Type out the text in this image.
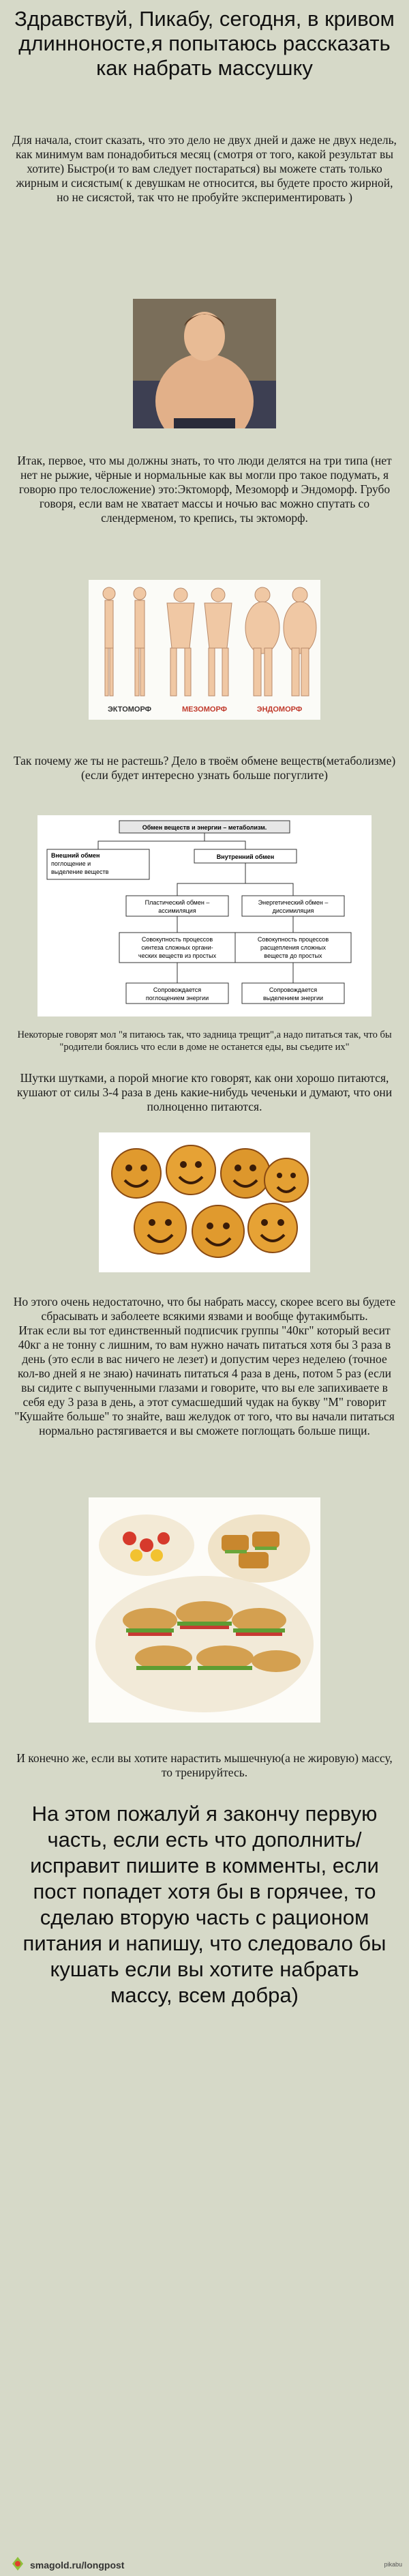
Здравствуй, Пикабу, сегодня, в кривом длинноносте,я попытаюсь рассказать как набрать массушку
Для начала, стоит сказать, что это дело не двух дней и даже не двух недель, как минимум вам понадобиться месяц (смотря от того, какой результат вы хотите) Быстро(и то вам следует постараться) вы можете стать только жирным и сисястым( к девушкам не относится, вы будете просто жирной, но не сисястой, так что не пробуйте экспериментировать )
Итак, первое, что мы должны знать, то что люди делятся на три типа (нет нет не рыжие, чёрные и нормальные как вы могли про такое подумать, я говорю про телосложение) это:Эктоморф, Мезоморф и Эндоморф. Грубо говоря, если вам не хватает массы и ночью вас можно спутать со слендерменом, то крепись, ты эктоморф.
ЭКТОМОРФ	МЕЗОМОРФ	ЭНДОМОРФ
Так почему же ты не растешь? Дело в твоём обмене веществ(метаболизме)(если будет интересно узнать больше погуглите)
Обмен веществ и энергии – метаболизм.
Внешний обмен
поглощение и
выделение веществ
Внутренний обмен
Пластический обмен –
ассимиляция
Энергетический обмен –
диссимиляция
Совокупность процессов
синтеза сложных органи-
ческих веществ из простых
Совокупность процессов
расщепления сложных
веществ до простых
Сопровождается
поглощением энергии
Сопровождается
выделением энергии
Некоторые говорят мол "я питаюсь так, что задница трещит",а надо питаться так, что бы "родители боялись что если в доме не останется еды, вы съедите их"
Шутки шутками, а порой многие кто говорят, как они хорошо питаются, кушают от силы 3-4 раза в день какие-нибудь чеченьки и думают, что они полноценно питаются.
Но этого очень недостаточно, что бы набрать массу, скорее всего вы будете сбрасывать и заболеете всякими язвами и вообще футакимбыть.
Итак если вы тот единственный подписчик группы "40кг" который весит 40кг а не тонну с лишним, то вам нужно начать питаться хотя бы 3 раза в день (это если в вас ничего не лезет) и допустим через неделею (точное кол-во дней я не знаю) начинать питаться 4 раза в день, потом 5 раз (если вы сидите с выпученными глазами и говорите, что вы еле запихиваете в себя еду 3 раза в день, а этот сумасшедший чудак на букву "М" говорит "Кушайте больше" то знайте, ваш желудок от того, что вы начали питаться нормально растягивается и вы сможете поглощать больше пищи.
И конечно же, если вы хотите нарастить мышечную(а не жировую) массу, то тренируйтесь.
На этом пожалуй я закончу первую часть, если есть что дополнить/исправит пишите в комменты, если пост попадет хотя бы в горячее, то сделаю вторую часть с рационом питания и напишу, что следовало бы кушать если вы хотите набрать массу, всем добра)
smagold.ru/longpost	pikabu
